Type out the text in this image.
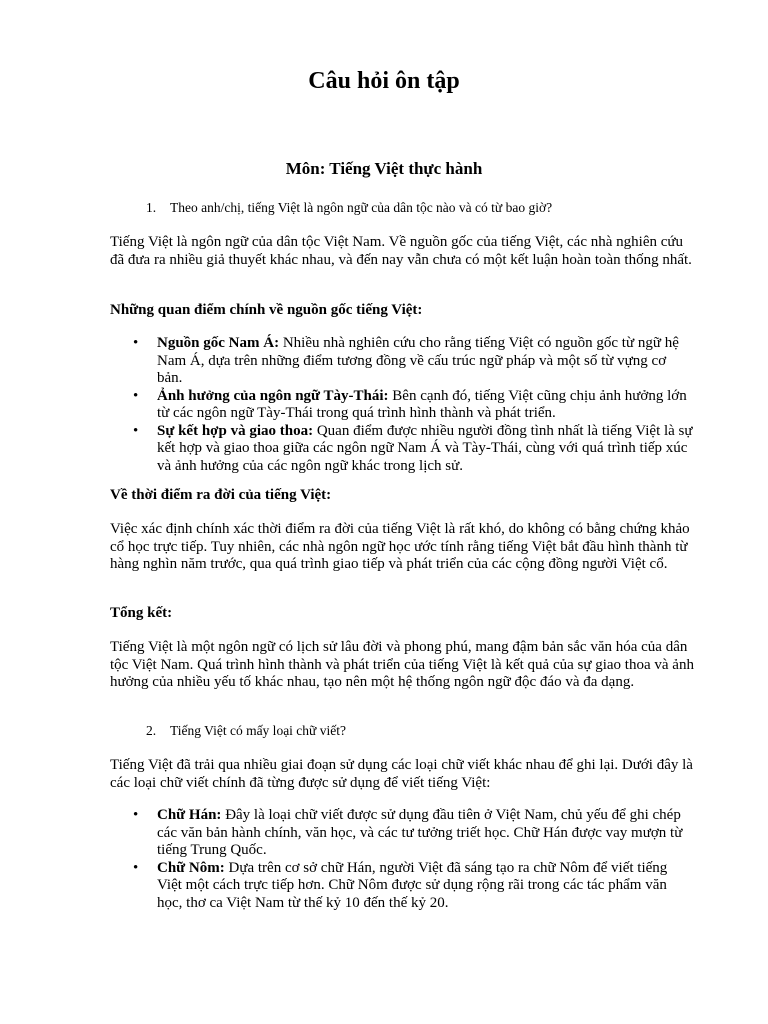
Câu hỏi ôn tập
Môn: Tiếng Việt thực hành

1. Theo anh/chị, tiếng Việt là ngôn ngữ của dân tộc nào và có từ bao giờ?

Tiếng Việt là ngôn ngữ của dân tộc Việt Nam. Về nguồn gốc của tiếng Việt, các nhà nghiên cứu đã đưa ra nhiều giả thuyết khác nhau, và đến nay vẫn chưa có một kết luận hoàn toàn thống nhất.

Những quan điểm chính về nguồn gốc tiếng Việt:

• Nguồn gốc Nam Á: Nhiều nhà nghiên cứu cho rằng tiếng Việt có nguồn gốc từ ngữ hệ Nam Á, dựa trên những điểm tương đồng về cấu trúc ngữ pháp và một số từ vựng cơ bản.
• Ảnh hưởng của ngôn ngữ Tày-Thái: Bên cạnh đó, tiếng Việt cũng chịu ảnh hưởng lớn từ các ngôn ngữ Tày-Thái trong quá trình hình thành và phát triển.
• Sự kết hợp và giao thoa: Quan điểm được nhiều người đồng tình nhất là tiếng Việt là sự kết hợp và giao thoa giữa các ngôn ngữ Nam Á và Tày-Thái, cùng với quá trình tiếp xúc và ảnh hưởng của các ngôn ngữ khác trong lịch sử.

Về thời điểm ra đời của tiếng Việt:

Việc xác định chính xác thời điểm ra đời của tiếng Việt là rất khó, do không có bằng chứng khảo cổ học trực tiếp. Tuy nhiên, các nhà ngôn ngữ học ước tính rằng tiếng Việt bắt đầu hình thành từ hàng nghìn năm trước, qua quá trình giao tiếp và phát triển của các cộng đồng người Việt cổ.

Tổng kết:

Tiếng Việt là một ngôn ngữ có lịch sử lâu đời và phong phú, mang đậm bản sắc văn hóa của dân tộc Việt Nam. Quá trình hình thành và phát triển của tiếng Việt là kết quả của sự giao thoa và ảnh hưởng của nhiều yếu tố khác nhau, tạo nên một hệ thống ngôn ngữ độc đáo và đa dạng.

2. Tiếng Việt có mấy loại chữ viết?

Tiếng Việt đã trải qua nhiều giai đoạn sử dụng các loại chữ viết khác nhau để ghi lại. Dưới đây là các loại chữ viết chính đã từng được sử dụng để viết tiếng Việt:

• Chữ Hán: Đây là loại chữ viết được sử dụng đầu tiên ở Việt Nam, chủ yếu để ghi chép các văn bản hành chính, văn học, và các tư tưởng triết học. Chữ Hán được vay mượn từ tiếng Trung Quốc.
• Chữ Nôm: Dựa trên cơ sở chữ Hán, người Việt đã sáng tạo ra chữ Nôm để viết tiếng Việt một cách trực tiếp hơn. Chữ Nôm được sử dụng rộng rãi trong các tác phẩm văn học, thơ ca Việt Nam từ thế kỷ 10 đến thế kỷ 20.
